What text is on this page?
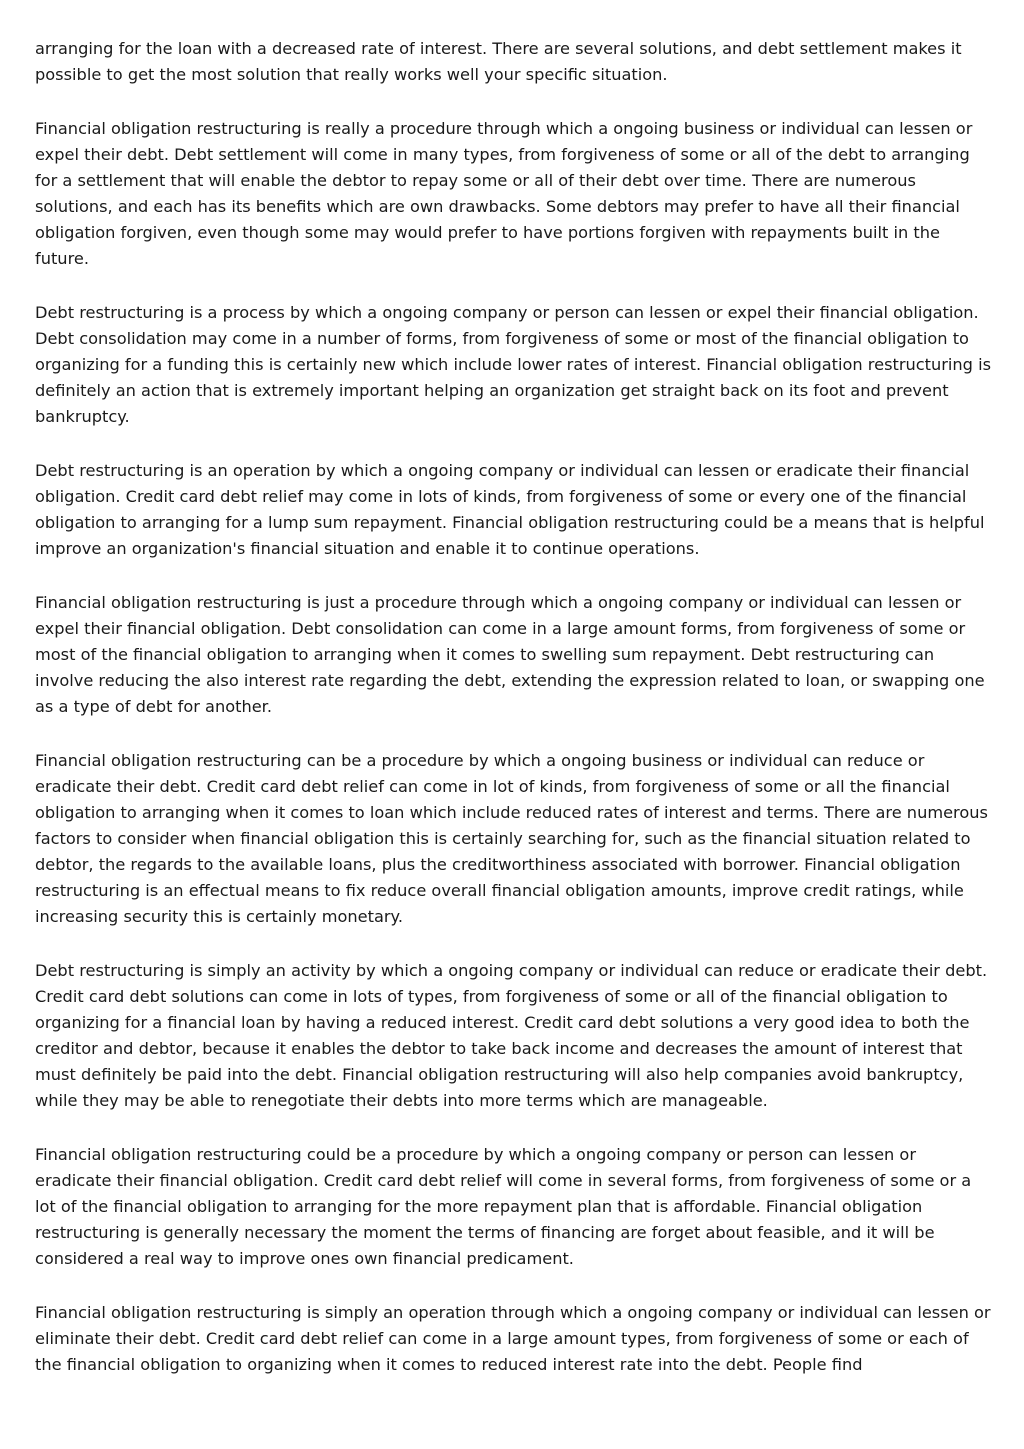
arranging for the loan with a decreased rate of interest. There are several solutions, and debt settlement makes it possible to get the most solution that really works well your specific situation.

Financial obligation restructuring is really a procedure through which a ongoing business or individual can lessen or expel their debt. Debt settlement will come in many types, from forgiveness of some or all of the debt to arranging for a settlement that will enable the debtor to repay some or all of their debt over time. There are numerous solutions, and each has its benefits which are own drawbacks. Some debtors may prefer to have all their financial obligation forgiven, even though some may would prefer to have portions forgiven with repayments built in the future.

Debt restructuring is a process by which a ongoing company or person can lessen or expel their financial obligation. Debt consolidation may come in a number of forms, from forgiveness of some or most of the financial obligation to organizing for a funding this is certainly new which include lower rates of interest. Financial obligation restructuring is definitely an action that is extremely important helping an organization get straight back on its foot and prevent bankruptcy.

Debt restructuring is an operation by which a ongoing company or individual can lessen or eradicate their financial obligation. Credit card debt relief may come in lots of kinds, from forgiveness of some or every one of the financial obligation to arranging for a lump sum repayment. Financial obligation restructuring could be a means that is helpful improve an organization's financial situation and enable it to continue operations.

Financial obligation restructuring is just a procedure through which a ongoing company or individual can lessen or expel their financial obligation. Debt consolidation can come in a large amount forms, from forgiveness of some or most of the financial obligation to arranging when it comes to swelling sum repayment. Debt restructuring can involve reducing the also interest rate regarding the debt, extending the expression related to loan, or swapping one as a type of debt for another.

Financial obligation restructuring can be a procedure by which a ongoing business or individual can reduce or eradicate their debt. Credit card debt relief can come in lot of kinds, from forgiveness of some or all the financial obligation to arranging when it comes to loan which include reduced rates of interest and terms. There are numerous factors to consider when financial obligation this is certainly searching for, such as the financial situation related to debtor, the regards to the available loans, plus the creditworthiness associated with borrower. Financial obligation restructuring is an effectual means to fix reduce overall financial obligation amounts, improve credit ratings, while increasing security this is certainly monetary.

Debt restructuring is simply an activity by which a ongoing company or individual can reduce or eradicate their debt. Credit card debt solutions can come in lots of types, from forgiveness of some or all of the financial obligation to organizing for a financial loan by having a reduced interest. Credit card debt solutions a very good idea to both the creditor and debtor, because it enables the debtor to take back income and decreases the amount of interest that must definitely be paid into the debt. Financial obligation restructuring will also help companies avoid bankruptcy, while they may be able to renegotiate their debts into more terms which are manageable.

Financial obligation restructuring could be a procedure by which a ongoing company or person can lessen or eradicate their financial obligation. Credit card debt relief will come in several forms, from forgiveness of some or a lot of the financial obligation to arranging for the more repayment plan that is affordable. Financial obligation restructuring is generally necessary the moment the terms of financing are forget about feasible, and it will be considered a real way to improve ones own financial predicament.

Financial obligation restructuring is simply an operation through which a ongoing company or individual can lessen or eliminate their debt. Credit card debt relief can come in a large amount types, from forgiveness of some or each of the financial obligation to organizing when it comes to reduced interest rate into the debt. People find
